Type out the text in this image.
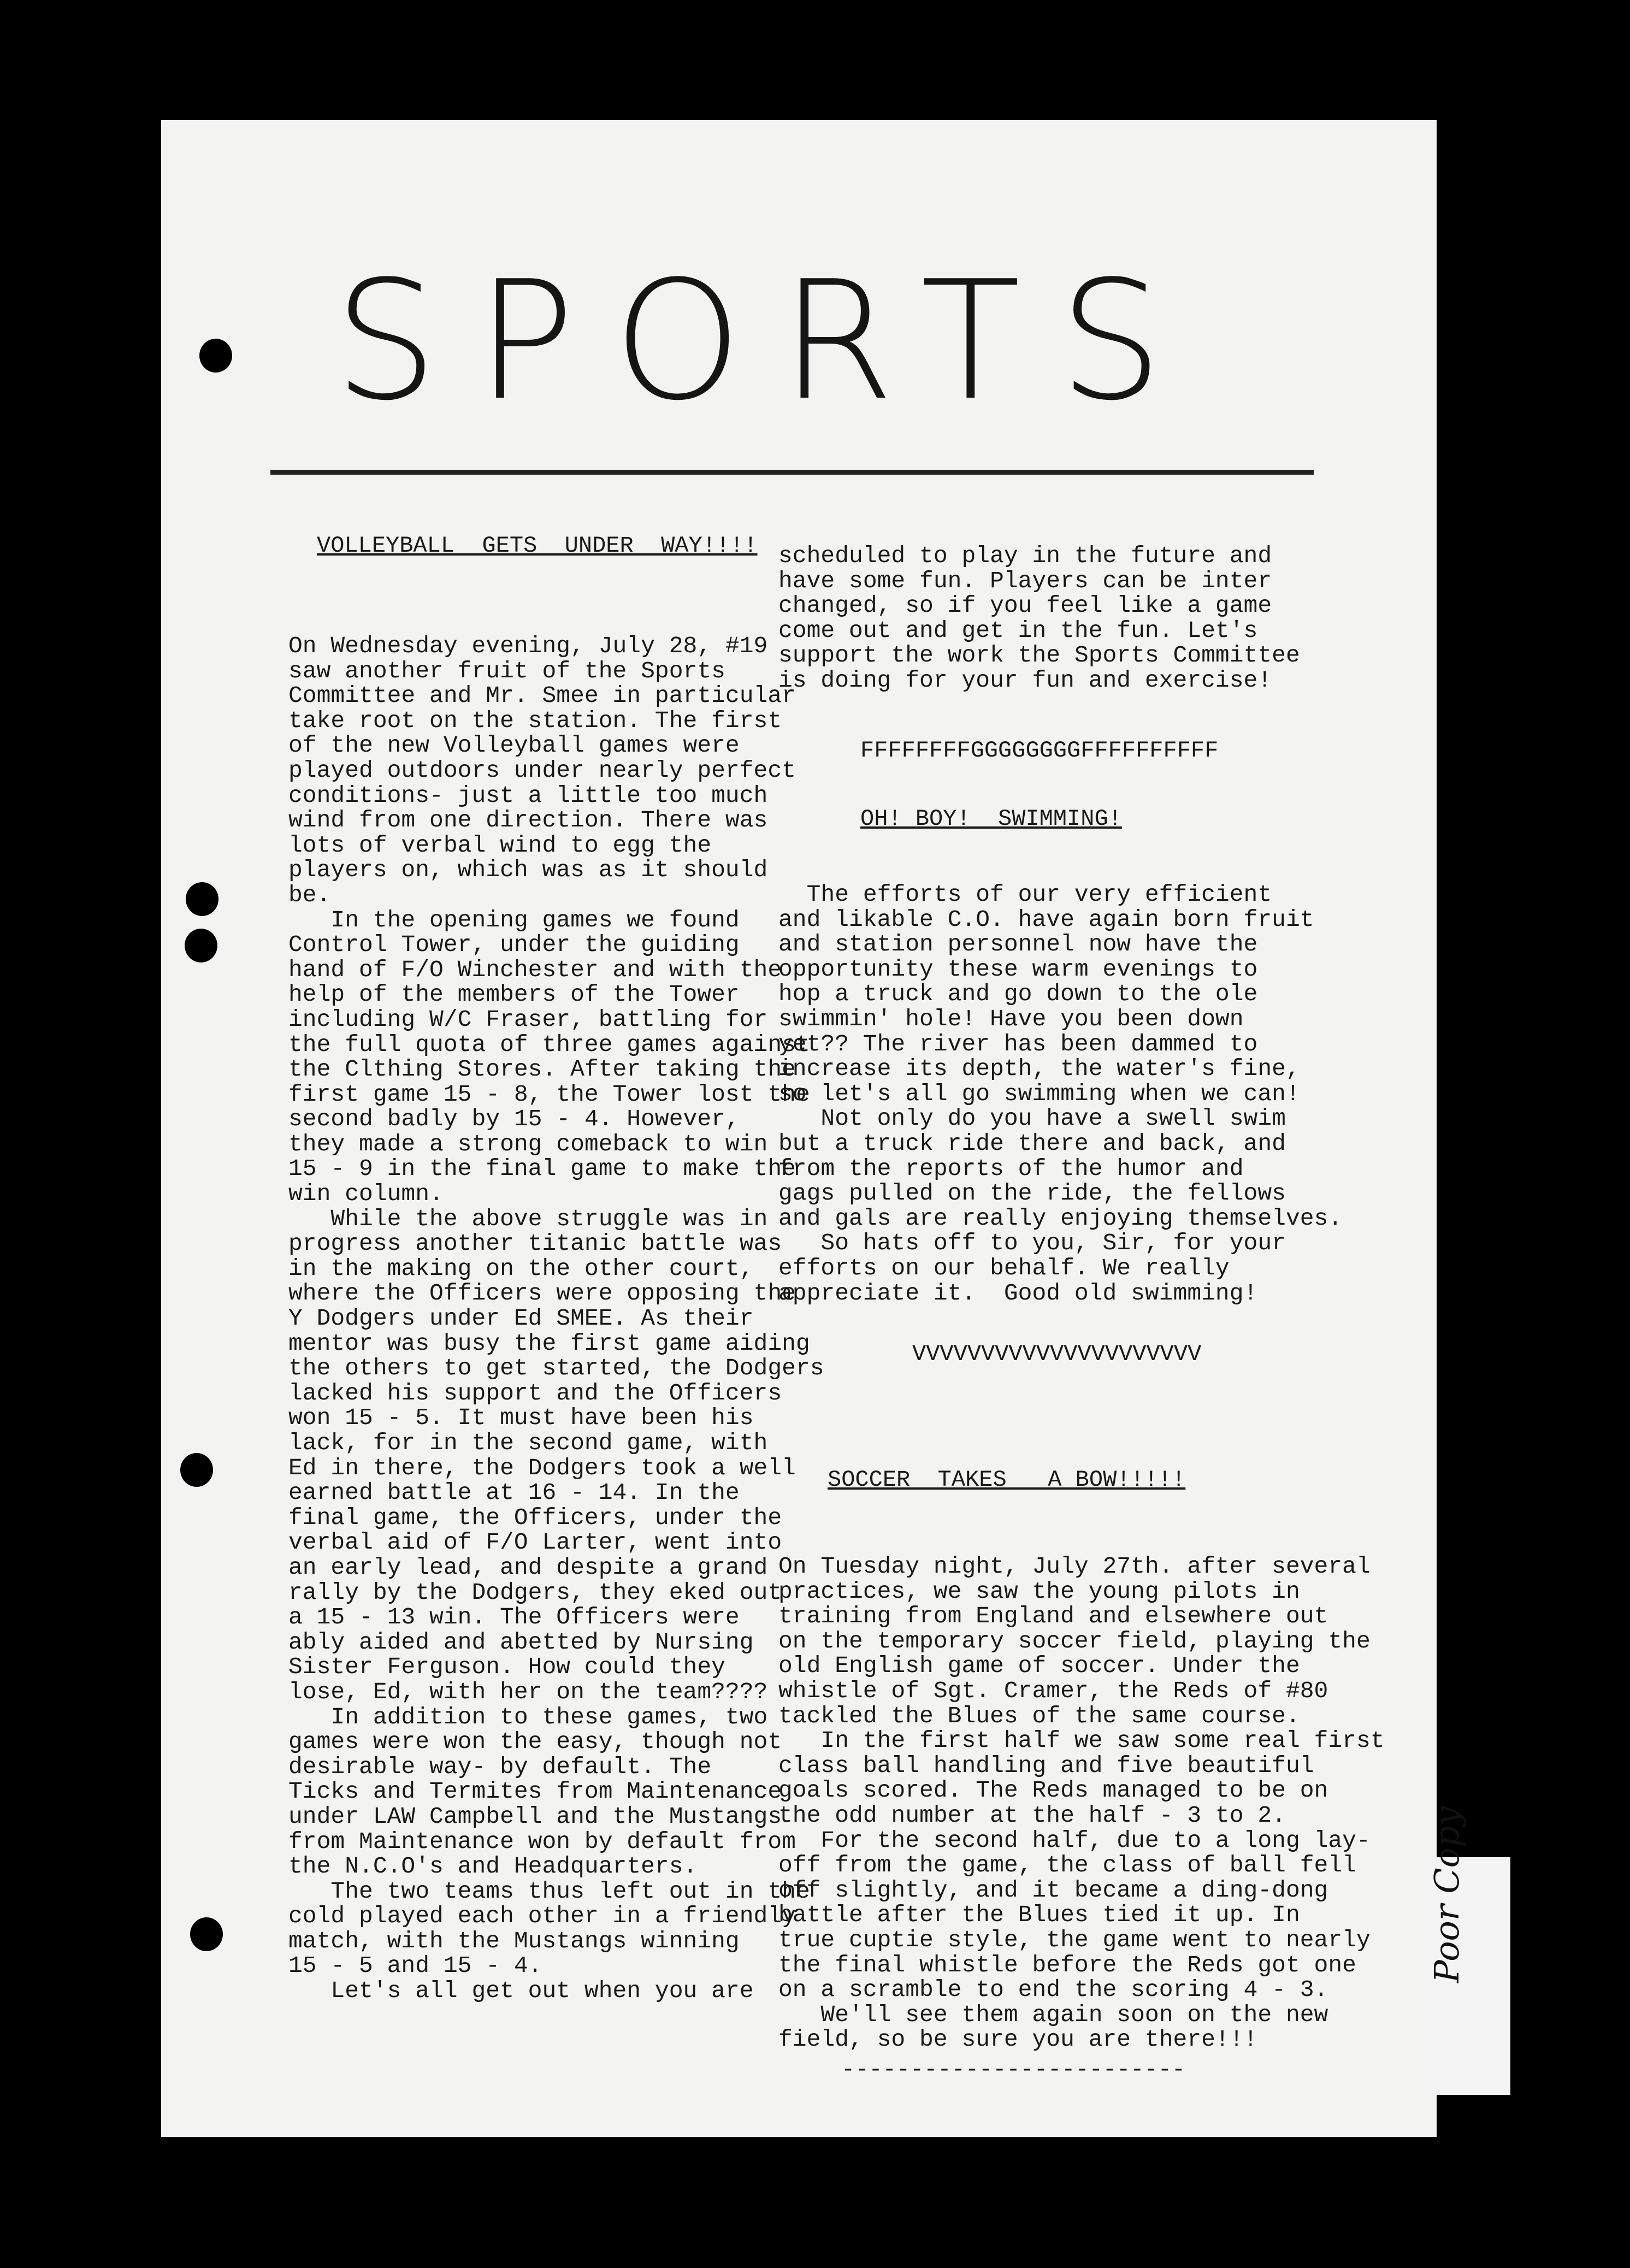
SPORTS
VOLLEYBALL  GETS  UNDER  WAY!!!!
On Wednesday evening, July 28, #19
saw another fruit of the Sports
Committee and Mr. Smee in particular
take root on the station. The first
of the new Volleyball games were
played outdoors under nearly perfect
conditions- just a little too much
wind from one direction. There was
lots of verbal wind to egg the
players on, which was as it should
be.
In the opening games we found
Control Tower, under the guiding
hand of F/O Winchester and with the
help of the members of the Tower
including W/C Fraser, battling for
the full quota of three games against
the Clthing Stores. After taking the
first game 15 - 8, the Tower lost the
second badly by 15 - 4. However,
they made a strong comeback to win
15 - 9 in the final game to make the
win column.
While the above struggle was in
progress another titanic battle was
in the making on the other court,
where the Officers were opposing the
Y Dodgers under Ed SMEE. As their
mentor was busy the first game aiding
the others to get started, the Dodgers
lacked his support and the Officers
won 15 - 5. It must have been his
lack, for in the second game, with
Ed in there, the Dodgers took a well
earned battle at 16 - 14. In the
final game, the Officers, under the
verbal aid of F/O Larter, went into
an early lead, and despite a grand
rally by the Dodgers, they eked out
a 15 - 13 win. The Officers were
ably aided and abetted by Nursing
Sister Ferguson. How could they
lose, Ed, with her on the team????
In addition to these games, two
games were won the easy, though not
desirable way- by default. The
Ticks and Termites from Maintenance
under LAW Campbell and the Mustangs
from Maintenance won by default from
the N.C.O's and Headquarters.
The two teams thus left out in the
cold played each other in a friendly
match, with the Mustangs winning
15 - 5 and 15 - 4.
Let's all get out when you are
scheduled to play in the future and
have some fun. Players can be inter
changed, so if you feel like a game
come out and get in the fun. Let's
support the work the Sports Committee
is doing for your fun and exercise!
FFFFFFFFGGGGGGGGFFFFFFFFFF
OH! BOY!  SWIMMING!
The efforts of our very efficient
and likable C.O. have again born fruit
and station personnel now have the
opportunity these warm evenings to
hop a truck and go down to the ole
swimmin' hole! Have you been down
yet?? The river has been dammed to
increase its depth, the water's fine,
so let's all go swimming when we can!
Not only do you have a swell swim
but a truck ride there and back, and
from the reports of the humor and
gags pulled on the ride, the fellows
and gals are really enjoying themselves.
So hats off to you, Sir, for your
efforts on our behalf. We really
appreciate it.  Good old swimming!
VVVVVVVVVVVVVVVVVVVVV
SOCCER  TAKES   A BOW!!!!!
On Tuesday night, July 27th. after several
practices, we saw the young pilots in
training from England and elsewhere out
on the temporary soccer field, playing the
old English game of soccer. Under the
whistle of Sgt. Cramer, the Reds of #80
tackled the Blues of the same course.
In the first half we saw some real first
class ball handling and five beautiful
goals scored. The Reds managed to be on
the odd number at the half - 3 to 2.
For the second half, due to a long lay-
off from the game, the class of ball fell
off slightly, and it became a ding-dong
battle after the Blues tied it up. In
true cuptie style, the game went to nearly
the final whistle before the Reds got one
on a scramble to end the scoring 4 - 3.
We'll see them again soon on the new
field, so be sure you are there!!!
-------------------------
Poor Copy
